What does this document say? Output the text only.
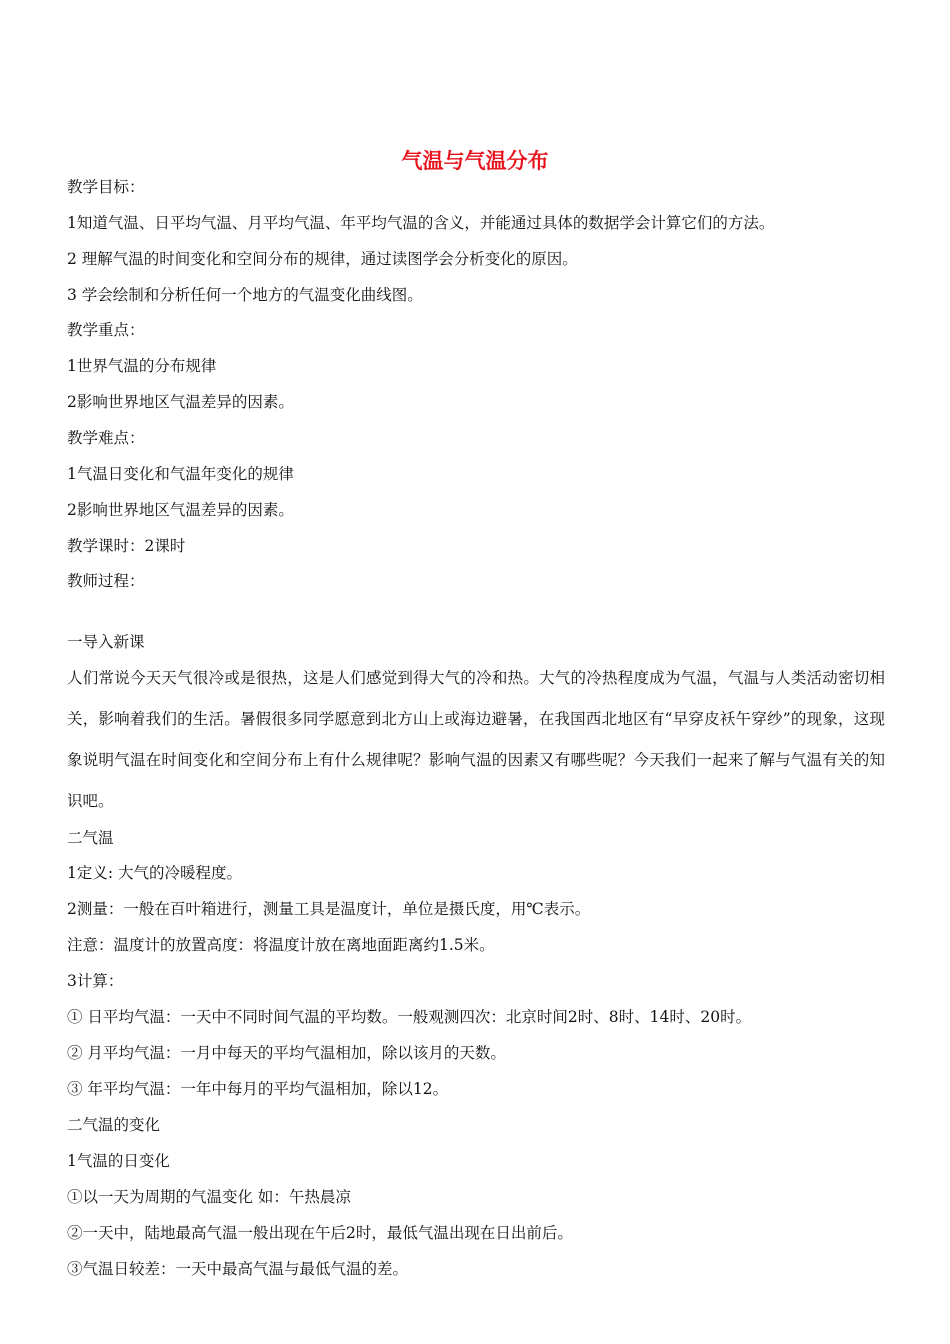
气温与气温分布
教学目标：
1知道气温、日平均气温、月平均气温、年平均气温的含义，并能通过具体的数据学会计算它们的方法。
2 理解气温的时间变化和空间分布的规律，通过读图学会分析变化的原因。
3 学会绘制和分析任何一个地方的气温变化曲线图。
教学重点：
1世界气温的分布规律
2影响世界地区气温差异的因素。
教学难点：
1气温日变化和气温年变化的规律
2影响世界地区气温差异的因素。
教学课时：2课时
教师过程：
一导入新课
人们常说今天天气很冷或是很热，这是人们感觉到得大气的冷和热。大气的冷热程度成为气温，气温与人类活动密切相关，影响着我们的生活。暑假很多同学愿意到北方山上或海边避暑，在我国西北地区有“早穿皮袄午穿纱”的现象，这现象说明气温在时间变化和空间分布上有什么规律呢？影响气温的因素又有哪些呢？今天我们一起来了解与气温有关的知识吧。
二气温
1定义: 大气的冷暖程度。
2测量：一般在百叶箱进行，测量工具是温度计，单位是摄氏度，用℃表示。
注意：温度计的放置高度：将温度计放在离地面距离约1.5米。
3计算：
① 日平均气温：一天中不同时间气温的平均数。一般观测四次：北京时间2时、8时、14时、20时。
② 月平均气温：一月中每天的平均气温相加，除以该月的天数。
③ 年平均气温：一年中每月的平均气温相加，除以12。
二气温的变化
1气温的日变化
①以一天为周期的气温变化 如：午热晨凉
②一天中，陆地最高气温一般出现在午后2时，最低气温出现在日出前后。
③气温日较差：一天中最高气温与最低气温的差。
